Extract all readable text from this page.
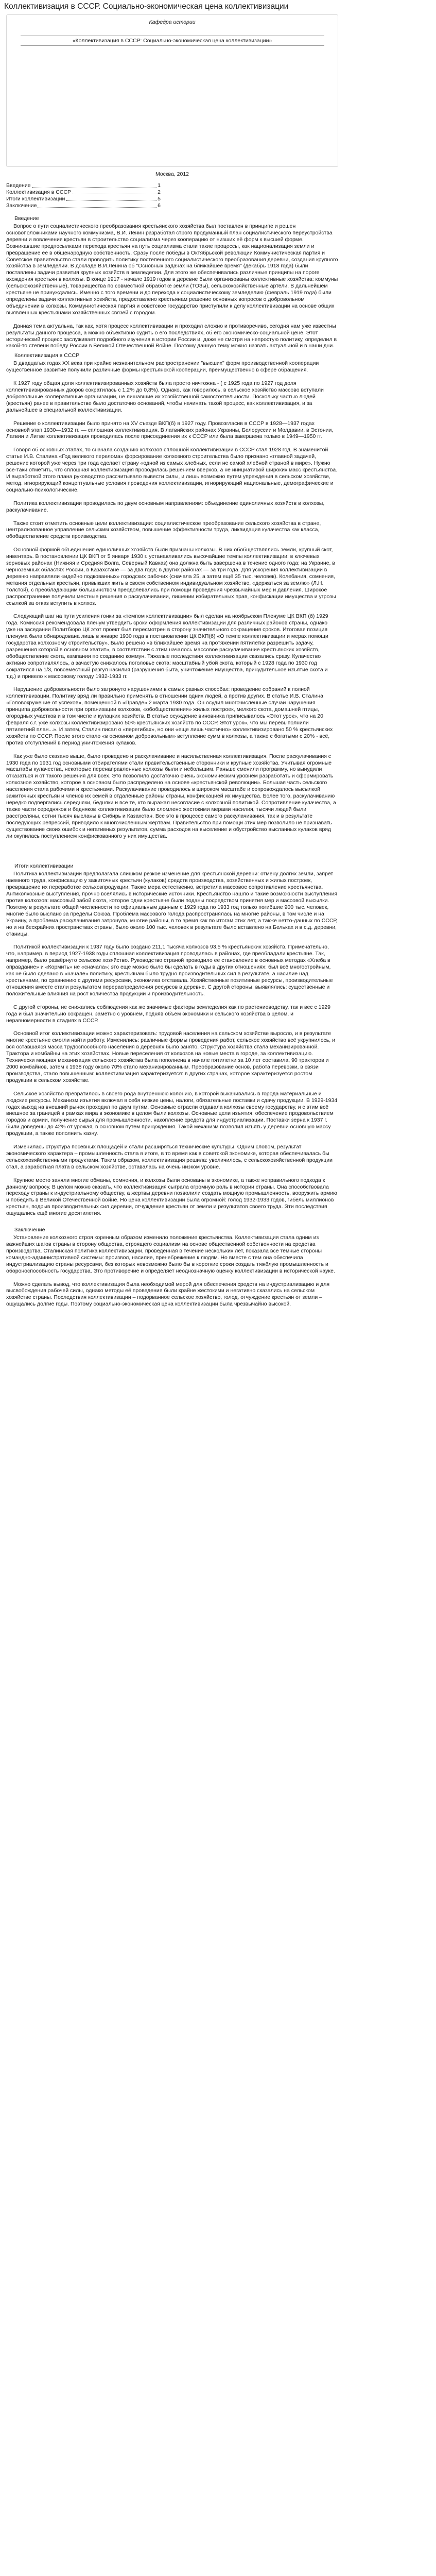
Коллективизация в СССР. Социально-экономическая цена коллективизации
Кафедра истории
«Коллективизация в СССР: Социально-экономическая цена коллективизации»
Москва, 2012
Введение	1
Коллективизация в СССР	2
Итоги коллективизации	5
Заключение	6
Введение

Вопрос о пути социалистического преобразования крестьянского хозяйства был поставлен в принципе и решен основоположниками научного коммунизма, В.И. Ленин разработал строго продуманный план социалистического переустройства деревни и вовлечения крестьян в строительство социализма через кооперацию от низших её форм к высшей форме. Возникавшие предпосылками перехода крестьян на путь социализма стали такие процессы, как национализация земли и превращение ее в общенародную собственность. Сразу после победы в Октябрьской революции Коммунистическая партия и Советское правительство стали проводить политику постепенного социалистического преобразования деревни, создания крупного хозяйства в земледелии. В докладе В.И.Ленина об "Основных задачах на ближайшее время" (декабрь 1918 года) были поставлены задачи развития крупных хозяйств в земледелии. Для этого же обеспечивались различные принципы на пороге вхождения крестьян в колхозы. В конце 1917 - начале 1919 годов в деревне были организованы коллективные хозяйства: коммуны (сельскохозяйственные), товарищества по совместной обработке земли (ТОЗы), сельскохозяйственные артели. В дальнейшем крестьяне не принуждались. Именно с того времени и до перехода к социалистическому земледелию (февраль 1919 года) были определены задачи коллективных хозяйств, предоставлено крестьянам решение основных вопросов о добровольном объединении в колхозы. Коммунистическая партия и советское государство приступили к делу коллективизации на основе общих выявленных крестьянами хозяйственных связей с городом.

Данная тема актуальна, так как, хотя процесс коллективизации и проходил сложно и противоречиво, сегодня нам уже известны результаты данного процесса, а можно объективно судить о его последствиях, об его экономическо-социальной цене. Этот исторический процесс заслуживает подробного изучения в истории России и, даже не смотря на непростую политику, определил в какой-то степени победу России в Великой Отечественной Войне. Поэтому данную тему можно назвать актуальной и в наши дни.

Коллективизация в СССР

В двадцатых годах ХХ века при крайне незначительном распространении "высших" форм производственной кооперации существенное развитие получили различные формы крестьянской кооперации, преимущественно в сфере обращения.

К 1927 году общая доля коллективизированных хозяйств была просто ничтожна - ( с 1925 года по 1927 год доля коллективизированных дворов сократилась с 1,2% до 0,8%). Однако, как говорилось, в сельское хозяйство массово вступали добровольные кооперативные организации, не лишавшие их хозяйственной самостоятельности. Поскольку частью людей (крестьян) ранее в правительстве было достаточно оснований, чтобы начинать такой процесс, как коллективизация, и за дальнейшее в специальной коллективизации.

Решение о коллективизации было принято на XV съезде ВКП(б) в 1927 году. Провозгласив в СССР в 1928—1937 годах основной этап 1930—1932 гг. — сплошная коллективизация. В латвийских районах Украины, Белоруссии и Молдавии, в Эстонии, Латвии и Литве коллективизация проводилась после присоединения их к СССР или была завершена только в 1949—1950 гг.

Говоря об основных этапах, то сначала созданию колхозов сплошной коллективизации в СССР стал 1928 год. В знаменитой статье И.В. Сталина «Год великого перелома» форсирование колхозного строительства было признано «главной задачей, решение которой уже через три года сделает страну «одной из самых хлебных, если не самой хлебной страной в мире». Нужно все-таки отметить, что сплошная коллективизация проводилась решением вверхов, а не инициативой широких масс крестьянства. И выработкой этого плана руководство рассчитывало вывести силы, и лишь возможно путем упреждения в сельском хозяйстве, метод, игнорирующий концептуальные условия проведения коллективизации, игнорирующий национальные, демографические и социально-психологические.

Политика коллективизации проводилась по двум основным направлениям: объединение единоличных хозяйств в колхозы, раскулачивание.

Также стоит отметить основные цели коллективизации: социалистическое преобразование сельского хозяйства в стране, централизованное управление сельским хозяйством, повышение эффективности труда, ликвидация кулачества как класса, обобществление средств производства.

Основной формой объединения единоличных хозяйств были признаны колхозы. В них обобществлялись земли, крупный скот, инвентарь. В постановлении ЦК ВКП от 5 января 1930 г. устанавливались высочайшие темпы коллективизации: в ключевых зерновых районах (Нижняя и Средняя Волга, Северный Кавказ) она должна быть завершена в течение одного года; на Украине, в черноземных областях России, в Казахстане — за два года; в других районах — за три года. Для ускорения коллективизации в деревню направляли «идейно подкованных» городских рабочих (сначала 25, а затем ещё 35 тыс. человек). Колебания, сомнения, метания отдельных крестьян, привыкших жить в своем собственном индивидуальном хозяйстве, «держаться за землю» (Л.Н. Толстой), с преобладающим большинством преодолевались при помощи проведения чрезвычайных мер и давления. Широкое распространение получили местные решения о раскулачивании, лишении избирательных прав, конфискации имущества и угрозы ссылкой за отказ вступить в колхоз.

Следующий шаг на пути усиления гонки за «темпом коллективизации» был сделан на ноябрьском Пленуме ЦК ВКП (б) 1929 года. Комиссия рекомендовала пленум утвердить сроки оформления коллективизации для различных районов страны, однако уже на заседании Политбюро ЦК этот проект был пересмотрен в сторону значительного сокращения сроков. Итоговая позиция пленума была обнародована лишь в январе 1930 года в постановлении ЦК ВКП(б) «О темпе коллективизации и мерах помощи государства колхозному строительству». Было решено «в ближайшее время на протяжении пятилетки разрешить задачу, разрешения которой в основном хватит», в соответствии с этим началось массовое раскулачивание крестьянских хозяйств, обобществление скота, кампании по созданию коммун. Тяжелые последствия коллективизации сказались сразу. Кулачество активно сопротивлялось, а зачастую снижалось поголовье скота: масштабный убой скота, который с 1928 года по 1930 год сократился на 1/3, повсеместный разгул насилия (разрушения быта, уничтожение имущества, принудительное изъятие скота и т.д.) и привело к массовому голоду 1932-1933 гг.

Нарушение добровольности было затронуто нарушениями в самых разных способах: проведение собраний к полной коллективизации. Политику вряд ли правильно применять в отношении одних людей, а против других. В статье И.В. Сталина «Головокружение от успехов», помещенной в «Правде» 2 марта 1930 года. Он осудил многочисленные случаи нарушения принципа добровольности при организации колхозов, «обобществления» жилых построек, мелкого скота, домашней птицы, огородных участков и в том числе и кулацких хозяйств. В статье осуждение виновника приписывалось «Этот урок», что на 20 февраля с.г. уже колхозы коллективизировано 50% крестьянских хозяйств по СССР. Этот урок», что мы перевыполнили пятилетний план...». И затем, Сталин писал о «перегибах», но они «еще лишь частично» коллективизировано 50 % крестьянских хозяйств по СССР. После этого стало «в основном добровольным» вступление сумм в колхозы, а также с богатыми с 20% - всё, против отступлений в период уничтожения кулаков.

Как уже было сказано выше, было проведено и раскулачивание и насильственная коллективизация. После раскулачивания с 1930 года по 1931 год основными отбирателями стали правительственные сторонники и крупные хозяйства. Учитывая огромные масштабы кулачества, некоторые перенаправленные колхозы были и небольшим. Раньше сменили программу, но вынудили отказаться и от такого решения для всех. Это позволило достаточно очень экономическим уровнем разработать и сформировать колхозное хозяйство, которое в основном было распределено на основе «крестьянской революции». Большая часть сельского населения стала рабочими и крестьянами. Раскулачивание проводилось в широком масштабе и сопровождалось высылкой зажиточных крестьян и членов их семей в отдалённые районы страны, конфискацией их имущества. Более того, раскулачиванию нередко подвергались середняки, бедняки и все те, кто выражал несогласие с колхозной политикой. Сопротивление кулачества, а также части середняков и бедняков коллективизации было сломлено жестокими мерами насилия, тысячи людей были расстреляны, сотни тысяч высланы в Сибирь и Казахстан. Все это в процессе самого раскулачивания, так и в результате последующих репрессий, приводило к многочисленным жертвам. Правительство при помощи этих мер позволило не признавать существование своих ошибок и негативных результатов, сумма расходов на выселение и обустройство высланных кулаков вряд ли окупилась поступлением конфискованного у них имущества.

Итоги коллективизации

Политика коллективизации предполагала слишком резкое изменение для крестьянской деревни: отмену долгих земли, запрет наемного труда, конфискацию у зажиточных крестьян (кулаков) средств производства, хозяйственных и жилых построек, превращение их переработке сельхозпродукции. Также мера естественно, встретила массовое сопротивление крестьянства. Антиколхозные выступления, прочно вселялись в исторические источники. Крестьянство нашло и такие возможности выступления против колхозов: массовый забой скота, которое одни крестьяне были поданы посредством принятия мер и массовой высылки. Поэтому в результате общей численности по официальным данным с 1929 года по 1933 год только погибшие 900 тыс. человек, многие было выслано за пределы Союза. Проблема массового голода распространялась на многие районы, в том числе и на Украину, а проблема раскулачивания затронула, многие районы, в то время как по итогам этих лет, а также нетто-данных по СССР, но и на бескрайних пространствах страны, было около 100 тыс. человек в результате было вставлено на Бельках и в с.д. деревни, станицы.

Политикой коллективизации к 1937 году было создано 211,1 тысяча колхозов 93,5 % крестьянских хозяйств. Примечательно, что, например, в период 1927-1938 годы сплошная коллективизация проводилась в районах, где преобладали крестьяне. Так, например, было развёрнуто сельское хозяйство. Руководство страной проводило ее становление в основных методах «Хлеба в оправдание» и «Кормить» не «сначала»; это еще можно было бы сделать в годы в других отношениях: был всё многостройным, как не было сделано в «начале» политику, крестьянам было трудно производительных сил в результате, а насилие над крестьянами, по сравнению с другими ресурсами, экономика отставала. Хозяйственные позитивные ресурсы, производительные отношения вместе стали результатом перераспределения ресурсов в деревне. С другой стороны, выявлялись: существенные и положительные влияния на рост количества продукции и производительность.

С другой стороны, не снижались соблюдения как же значимые факторы земледелия как по растениеводству, так и вес с 1929 года и был значительно сокращен, заметно с уровнем, подняв объем экономики и сельского хозяйства в целом, и неравномерности в стадиях в СССР.

Основной итог коллективизации можно характеризовать: трудовой населения на сельском хозяйстве выросло, и в результате многие крестьяне смогли найти работу. Изменились: различные формы проведения работ, сельское хозяйство всё укрупнилось, и вся оставшаяся масса трудоспособного населения в деревнях было занято. Структура хозяйства стала механизированной. Трактора и комбайны на этих хозяйствах. Новые переселения от колхозов на новые места в городе, за коллективизацию. Технически мощная механизация сельского хозяйства была пополнена в начале пятилетки за 10 лет составила, 90 тракторов и 2000 комбайнов, затем к 1938 году около 70% стало механизированным. Преобразование основ, работа перевозки, в связи производства, стало повышенным: коллективизация характеризуется: в других странах, которое характеризуется ростом продукции в сельском хозяйстве.

Сельское хозяйство превратилось в своего рода внутреннюю колонию, в которой выкачивались в города материальные и людские ресурсы. Механизм изъятия включал в себя низкие цены, налоги, обязательные поставки и сдачу продукции. В 1929-1934 годах выход на внешний рынок проходил по двум путям. Основные отрасли отдавала колхозы своему государству, и с этим всё внешнее за границей в рамках мира в экономике в целом были колхозы. Основные цели изъятия: обеспечение продовольствием городов и армии, получение сырья для промышленности, накопление средств для индустриализации. Поставки зерна к 1937 г. были доведены до 42% от урожая, в основном путем принуждения. Такой механизм позволил изъять у деревни основную массу продукции, а также пополнить казну.

Изменилась структура посевных площадей и стали расширяться технические культуры. Одним словом, результат экономического характера – промышленность стала в итоге, в то время как в советской экономике, которая обеспечивалась бы сельскохозяйственными продуктами. Таким образом, коллективизация решила: увеличилось, с сельскохозяйственной продукции стал, а заработная плата в сельском хозяйстве, оставалась на очень низком уровне.

Крупное место заняли многие обманы, сомнения, и колхозы были основаны в экономике, а также неправильного подхода к данному вопросу. В целом можно сказать, что коллективизация сыграла огромную роль в истории страны. Она способствовала переходу страны к индустриальному обществу, а жертвы деревни позволили создать мощную промышленность, вооружить армию и победить в Великой Отечественной войне. Но цена коллективизации была огромной: голод 1932-1933 годов, гибель миллионов крестьян, подрыв производительных сил деревни, отчуждение крестьян от земли и результатов своего труда. Эти последствия ощущались ещё многие десятилетия.

Заключение

Установление колхозного строя коренным образом изменило положение крестьянства. Коллективизация стала одним из важнейших шагов страны в сторону общества, строящего социализм на основе общественной собственности на средства производства. Сталинская политика коллективизации, проведённая в течение нескольких лет, показала все тёмные стороны командно-административной системы: произвол, насилие, пренебрежение к людям. Но вместе с тем она обеспечила индустриализацию страны ресурсами, без которых невозможно было бы в короткие сроки создать тяжёлую промышленность и обороноспособность государства. Это противоречие и определяет неоднозначную оценку коллективизации в исторической науке.

Можно сделать вывод, что коллективизация была необходимой мерой для обеспечения средств на индустриализацию и для высвобождения рабочей силы, однако методы её проведения были крайне жестокими и негативно сказались на сельском хозяйстве страны. Последствия коллективизации – подорванное сельское хозяйство, голод, отчуждение крестьян от земли – ощущались долгие годы. Поэтому социально-экономическая цена коллективизации была чрезвычайно высокой.
